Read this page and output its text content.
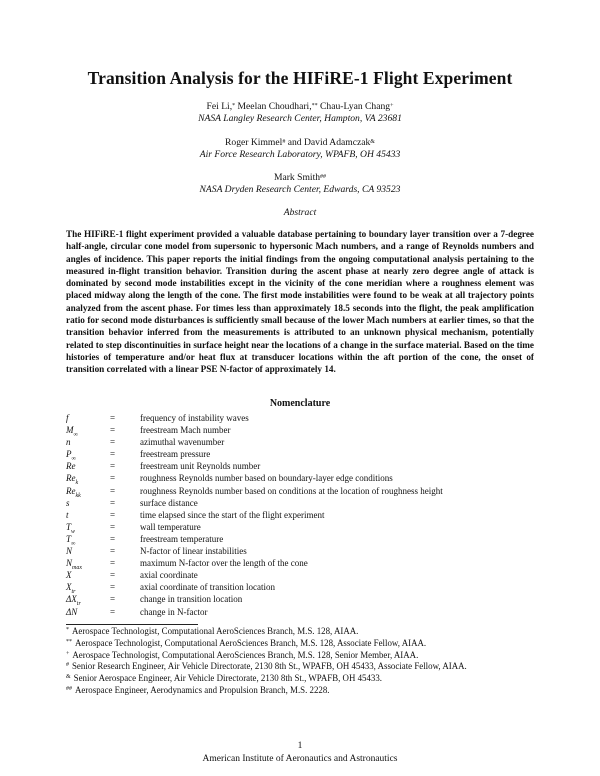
Transition Analysis for the HIFiRE-1 Flight Experiment
Fei Li,* Meelan Choudhari,** Chau-Lyan Chang+
NASA Langley Research Center, Hampton, VA 23681
Roger Kimmel# and David Adamczak&
Air Force Research Laboratory, WPAFB, OH 45433
Mark Smith##
NASA Dryden Research Center, Edwards, CA 93523
Abstract
The HIFiRE-1 flight experiment provided a valuable database pertaining to boundary layer transition over a 7-degree half-angle, circular cone model from supersonic to hypersonic Mach numbers, and a range of Reynolds numbers and angles of incidence. This paper reports the initial findings from the ongoing computational analysis pertaining to the measured in-flight transition behavior. Transition during the ascent phase at nearly zero degree angle of attack is dominated by second mode instabilities except in the vicinity of the cone meridian where a roughness element was placed midway along the length of the cone. The first mode instabilities were found to be weak at all trajectory points analyzed from the ascent phase. For times less than approximately 18.5 seconds into the flight, the peak amplification ratio for second mode disturbances is sufficiently small because of the lower Mach numbers at earlier times, so that the transition behavior inferred from the measurements is attributed to an unknown physical mechanism, potentially related to step discontinuities in surface height near the locations of a change in the surface material. Based on the time histories of temperature and/or heat flux at transducer locations within the aft portion of the cone, the onset of transition correlated with a linear PSE N-factor of approximately 14.
Nomenclature
f	=	frequency of instability waves
$M_\infty$	=	freestream Mach number
n	=	azimuthal wavenumber
$P_\infty$	=	freestream pressure
Re	=	freestream unit Reynolds number
$Re_k$	=	roughness Reynolds number based on boundary-layer edge conditions
$Re_{kk}$	=	roughness Reynolds number based on conditions at the location of roughness height
s	=	surface distance
t	=	time elapsed since the start of the flight experiment
$T_w$	=	wall temperature
$T_\infty$	=	freestream temperature
N	=	N-factor of linear instabilities
$N_{max}$	=	maximum N-factor over the length of the cone
X	=	axial coordinate
$X_{tr}$	=	axial coordinate of transition location
$\Delta X_{tr}$	=	change in transition location
ΔN	=	change in N-factor
* Aerospace Technologist, Computational AeroSciences Branch, M.S. 128, AIAA.
** Aerospace Technologist, Computational AeroSciences Branch, M.S. 128, Associate Fellow, AIAA.
+ Aerospace Technologist, Computational AeroSciences Branch, M.S. 128, Senior Member, AIAA.
# Senior Research Engineer, Air Vehicle Directorate, 2130 8th St., WPAFB, OH 45433, Associate Fellow, AIAA.
& Senior Aerospace Engineer, Air Vehicle Directorate, 2130 8th St., WPAFB, OH 45433.
## Aerospace Engineer, Aerodynamics and Propulsion Branch, M.S. 2228.
1
American Institute of Aeronautics and Astronautics
